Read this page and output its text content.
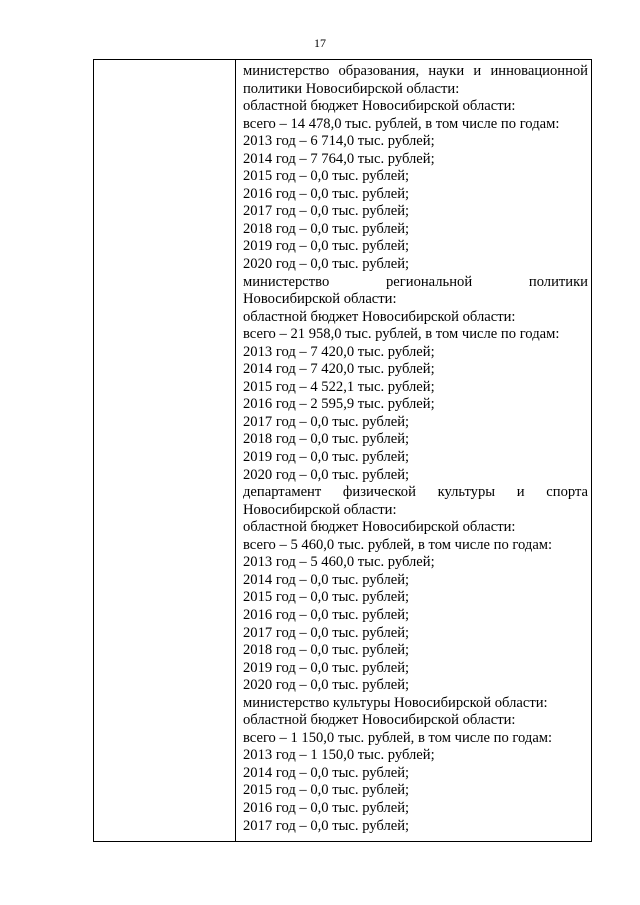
17
министерство образования, науки и инновационной
политики Новосибирской области:
областной бюджет Новосибирской области:
всего – 14 478,0 тыс. рублей, в том числе по годам:
2013 год – 6 714,0 тыс. рублей;
2014 год – 7 764,0 тыс. рублей;
2015 год – 0,0 тыс. рублей;
2016 год – 0,0 тыс. рублей;
2017 год – 0,0 тыс. рублей;
2018 год – 0,0 тыс. рублей;
2019 год – 0,0 тыс. рублей;
2020 год – 0,0 тыс. рублей;
министерство региональной политики
Новосибирской области:
областной бюджет Новосибирской области:
всего – 21 958,0 тыс. рублей, в том числе по годам:
2013 год – 7 420,0 тыс. рублей;
2014 год – 7 420,0 тыс. рублей;
2015 год – 4 522,1 тыс. рублей;
2016 год – 2 595,9 тыс. рублей;
2017 год – 0,0 тыс. рублей;
2018 год – 0,0 тыс. рублей;
2019 год – 0,0 тыс. рублей;
2020 год – 0,0 тыс. рублей;
департамент физической культуры и спорта
Новосибирской области:
областной бюджет Новосибирской области:
всего – 5 460,0 тыс. рублей, в том числе по годам:
2013 год – 5 460,0 тыс. рублей;
2014 год – 0,0 тыс. рублей;
2015 год – 0,0 тыс. рублей;
2016 год – 0,0 тыс. рублей;
2017 год – 0,0 тыс. рублей;
2018 год – 0,0 тыс. рублей;
2019 год – 0,0 тыс. рублей;
2020 год – 0,0 тыс. рублей;
министерство культуры Новосибирской области:
областной бюджет Новосибирской области:
всего – 1 150,0 тыс. рублей, в том числе по годам:
2013 год – 1 150,0 тыс. рублей;
2014 год – 0,0 тыс. рублей;
2015 год – 0,0 тыс. рублей;
2016 год – 0,0 тыс. рублей;
2017 год – 0,0 тыс. рублей;
